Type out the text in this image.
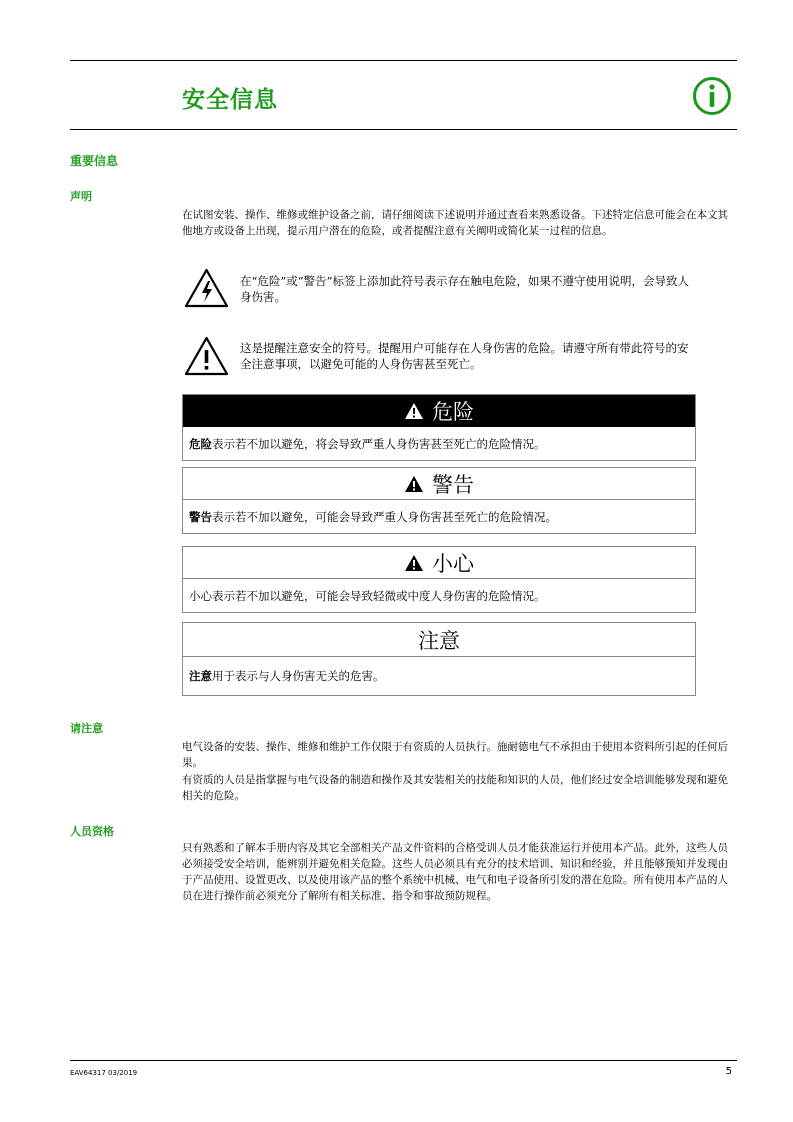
安全信息
重要信息
声明
在试图安装、操作、维修或维护设备之前，请仔细阅读下述说明并通过查看来熟悉设备。下述特定信息可能会在本文其他地方或设备上出现，提示用户潜在的危险，或者提醒注意有关阐明或简化某一过程的信息。
在“危险”或“警告”标签上添加此符号表示存在触电危险，如果不遵守使用说明，会导致人身伤害。
这是提醒注意安全的符号。提醒用户可能存在人身伤害的危险。请遵守所有带此符号的安全注意事项，以避免可能的人身伤害甚至死亡。
危险
危险 表示若不加以避免，将会导致严重人身伤害甚至死亡的危险情况。
警告
警告 表示若不加以避免，可能会导致严重人身伤害甚至死亡的危险情况。
小心
小心表示若不加以避免，可能会导致轻微或中度人身伤害的危险情况。
注意
注意 用于表示与人身伤害无关的危害。
请注意
电气设备的安装、操作、维修和维护工作仅限于有资质的人员执行。施耐德电气不承担由于使用本资料所引起的任何后果。
有资质的人员是指掌握与电气设备的制造和操作及其安装相关的技能和知识的人员，他们经过安全培训能够发现和避免相关的危险。
人员资格
只有熟悉和了解本手册内容及其它全部相关产品文件资料的合格受训人员才能获准运行并使用本产品。此外，这些人员必须接受安全培训，能辨别并避免相关危险。这些人员必须具有充分的技术培训、知识和经验，并且能够预知并发现由于产品使用、设置更改、以及使用该产品的整个系统中机械、电气和电子设备所引发的潜在危险。所有使用本产品的人员在进行操作前必须充分了解所有相关标准、指令和事故预防规程。
EAV64317 03/2019	5
